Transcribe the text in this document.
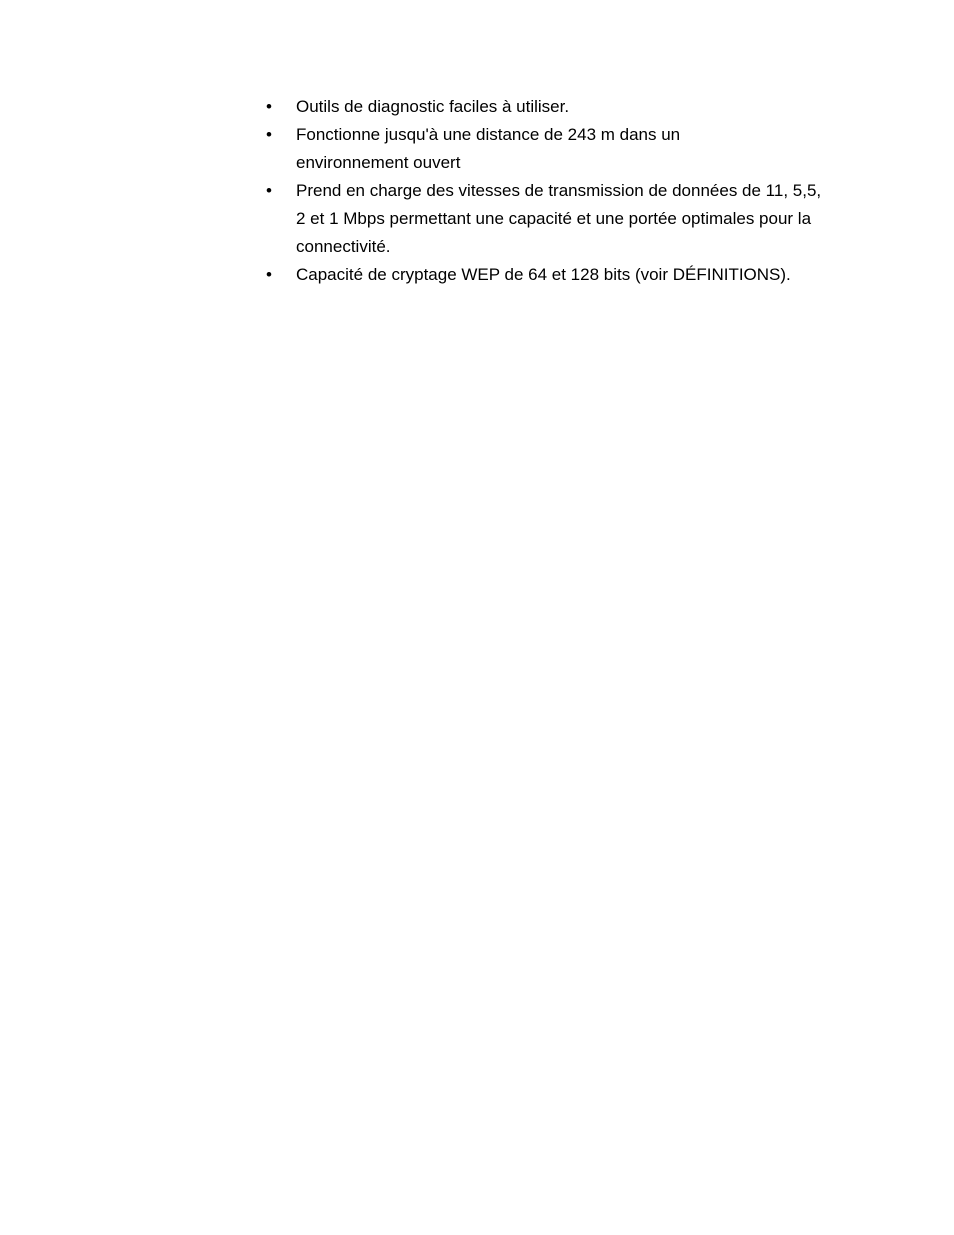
•	Outils de diagnostic faciles à utiliser.
•	Fonctionne jusqu'à une distance de 243 m dans un environnement ouvert
•	Prend en charge des vitesses de transmission de données de 11, 5,5, 2 et 1 Mbps permettant une capacité et une portée optimales pour la connectivité.
•	Capacité de cryptage WEP de 64 et 128 bits (voir DÉFINITIONS).
